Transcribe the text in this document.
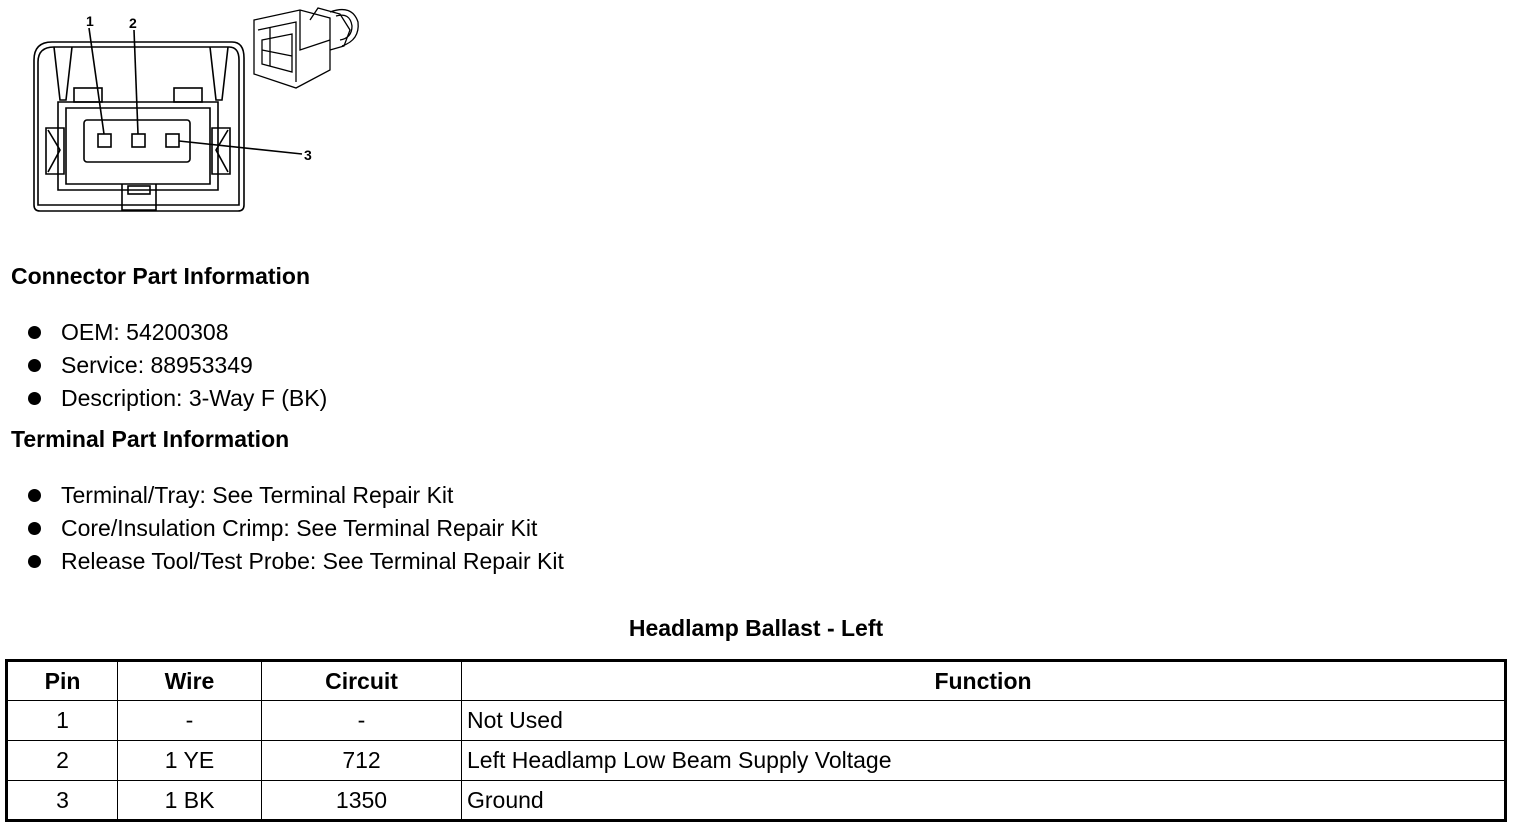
1	2
3
Connector Part Information
OEM: 54200308
Service: 88953349
Description: 3-Way F (BK)
Terminal Part Information
Terminal/Tray: See Terminal Repair Kit
Core/Insulation Crimp: See Terminal Repair Kit
Release Tool/Test Probe: See Terminal Repair Kit
Headlamp Ballast - Left
Pin	Wire	Circuit	Function
1	-	-	Not Used
2	1 YE	712	Left Headlamp Low Beam Supply Voltage
3	1 BK	1350	Ground
